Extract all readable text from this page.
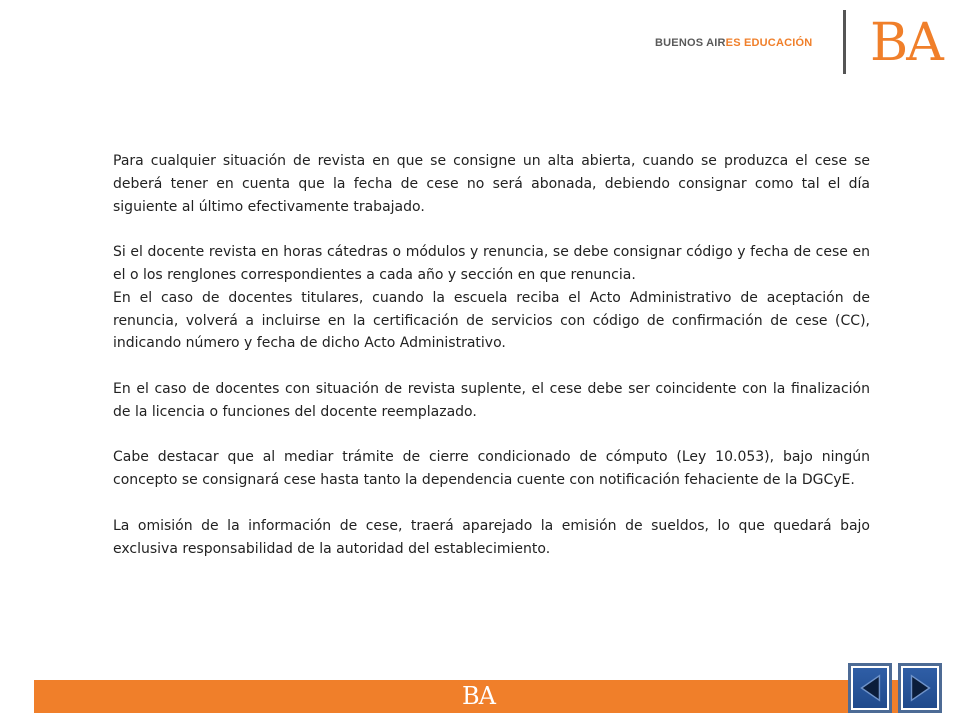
BUENOS AIRES EDUCACIÓN BA

Para cualquier situación de revista en que se consigne un alta abierta, cuando se produzca el cese se deberá tener en cuenta que la fecha de cese no será abonada, debiendo consignar como tal el día siguiente al último efectivamente trabajado.

Si el docente revista en horas cátedras o módulos y renuncia, se debe consignar código y fecha de cese en el o los renglones correspondientes a cada año y sección en que renuncia.

En el caso de docentes titulares, cuando la escuela reciba el Acto Administrativo de aceptación de renuncia, volverá a incluirse en la certificación de servicios con código de confirmación de cese (CC), indicando número y fecha de dicho Acto Administrativo.

En el caso de docentes con situación de revista suplente, el cese debe ser coincidente con la finalización de la licencia o funciones del docente reemplazado.

Cabe destacar que al mediar trámite de cierre condicionado de cómputo (Ley 10.053), bajo ningún concepto se consignará cese hasta tanto la dependencia cuente con notificación fehaciente de la DGCyE.

La omisión de la información de cese, traerá aparejado la emisión de sueldos, lo que quedará bajo exclusiva responsabilidad de la autoridad del establecimiento.

BA
